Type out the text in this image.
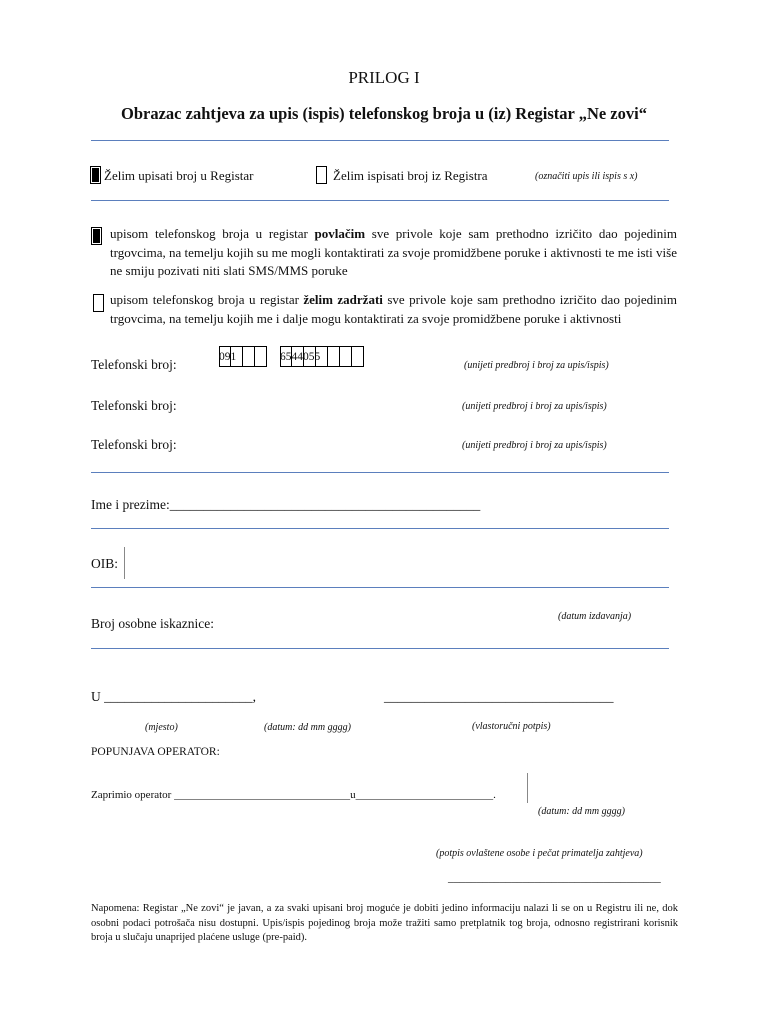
PRILOG I
Obrazac zahtjeva za upis (ispis) telefonskog broja u (iz) Registar „Ne zovi“
Želim upisati broj u Registar	Želim ispisati broj iz Registra	(označiti upis ili ispis s x)
upisom telefonskog broja u registar povlačim sve privole koje sam prethodno izričito dao pojedinim trgovcima, na temelju kojih su me mogli kontaktirati za svoje promidžbene poruke i aktivnosti te me isti više ne smiju pozivati niti slati SMS/MMS poruke
upisom telefonskog broja u registar želim zadržati sve privole koje sam prethodno izričito dao pojedinim trgovcima, na temelju kojih me i dalje mogu kontaktirati za svoje promidžbene poruke i aktivnosti
Telefonski broj:	091	6544055
(unijeti predbroj i broj za upis/ispis)
Telefonski broj:	(unijeti predbroj i broj za upis/ispis)
Telefonski broj:	(unijeti predbroj i broj za upis/ispis)
Ime i prezime:______________________________________________
OIB:
(datum izdavanja)
Broj osobne iskaznice:
U ______________________,	__________________________________
(mjesto)	(datum: dd mm gggg)	(vlastoručni potpis)
POPUNJAVA OPERATOR:
Zaprimio operator ________________________________u_________________________.
(datum: dd mm gggg)
(potpis ovlaštene osobe i pečat primatelja zahtjeva)
_____________________________________
Napomena: Registar „Ne zovi“ je javan, a za svaki upisani broj moguće je dobiti jedino informaciju nalazi li se on u Registru ili ne, dok osobni podaci potrošača nisu dostupni. Upis/ispis pojedinog broja može tražiti samo pretplatnik tog broja, odnosno registrirani korisnik broja u slučaju unaprijed plaćene usluge (pre-paid).
